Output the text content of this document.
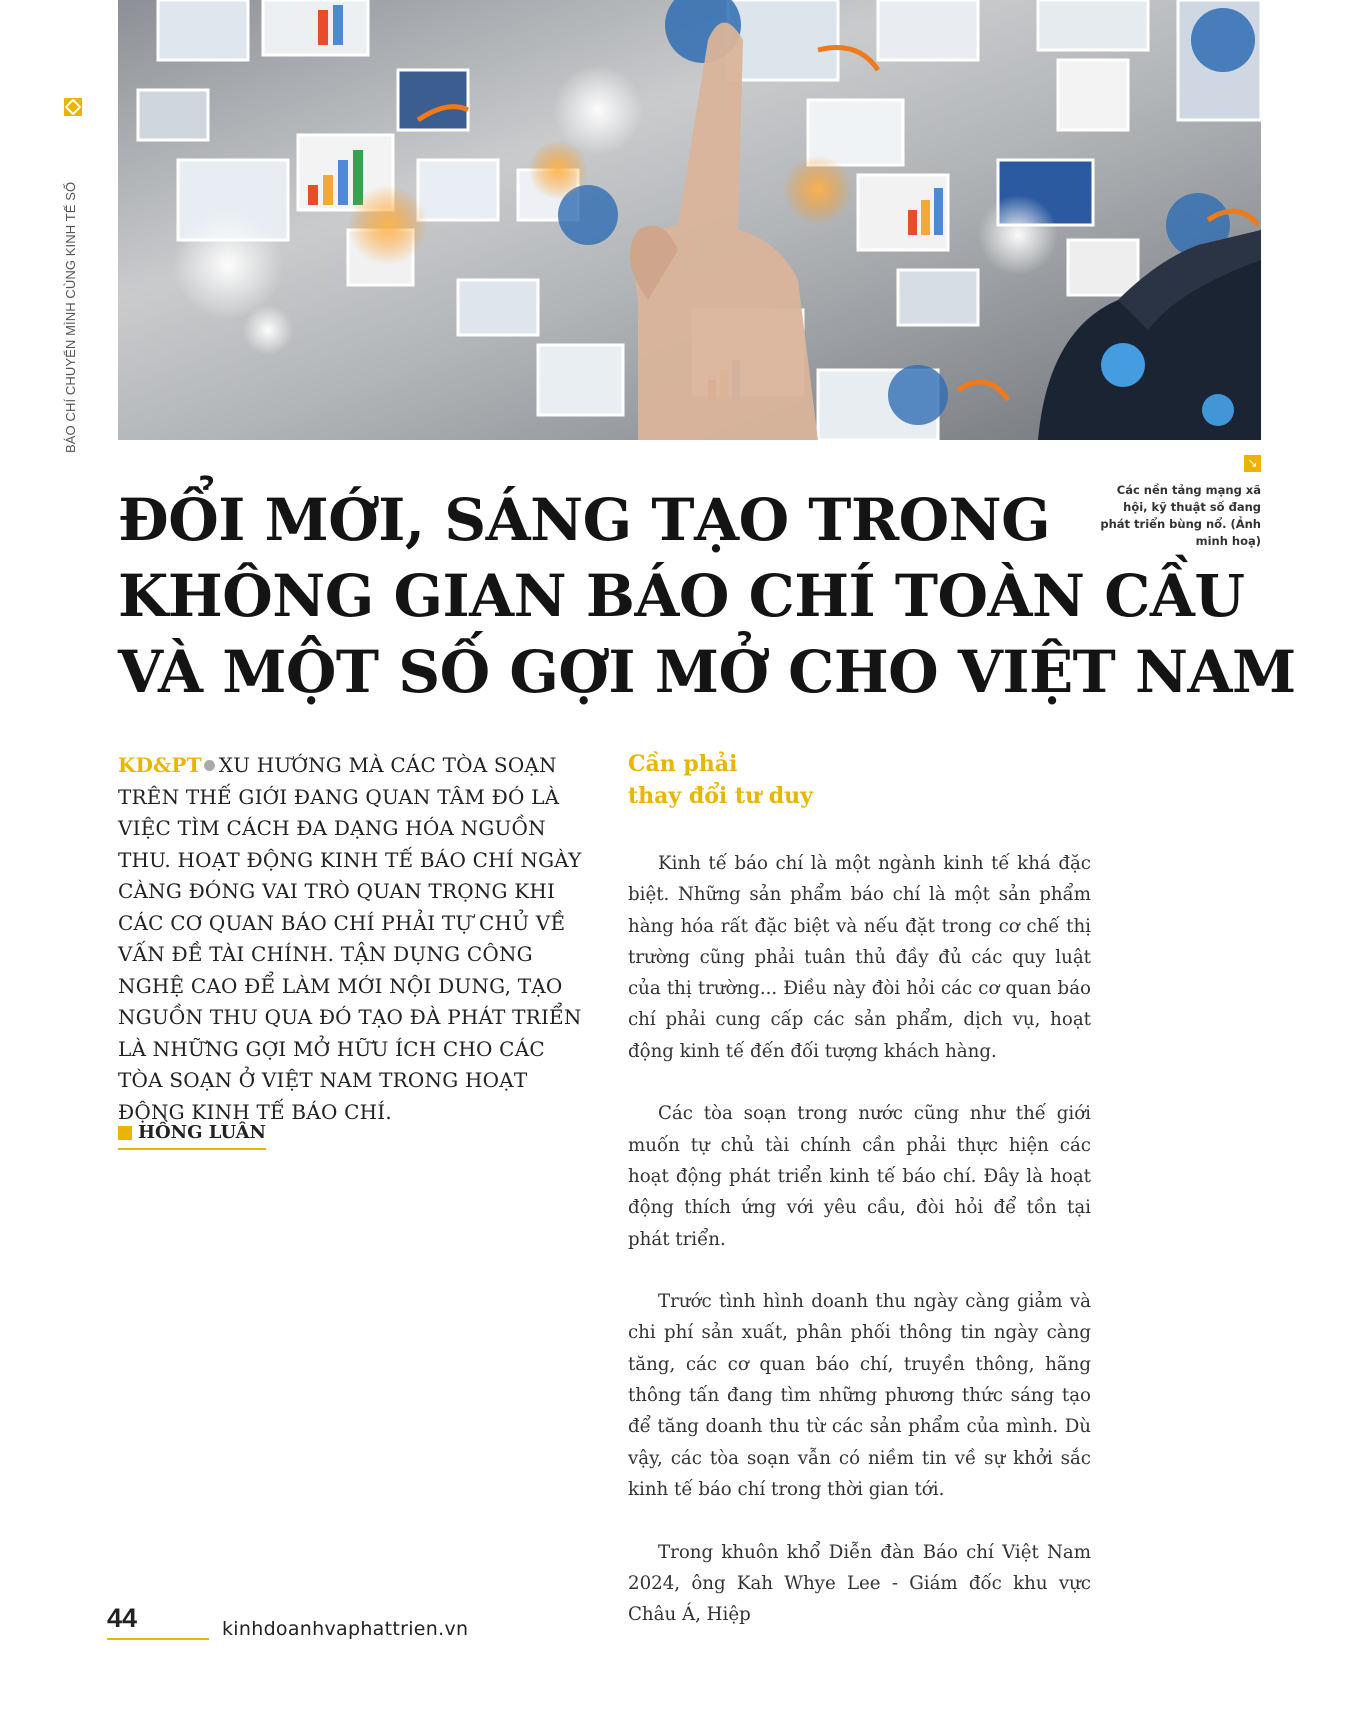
BÁO CHÍ CHUYỂN MÌNH CÙNG KINH TẾ SỐ
↘
Các nền tảng mạng xã hội, kỹ thuật số đang phát triển bùng nổ. (Ảnh minh hoạ)
ĐỔI MỚI, SÁNG TẠO TRONG
KHÔNG GIAN BÁO CHÍ TOÀN CẦU
VÀ MỘT SỐ GỢI MỞ CHO VIỆT NAM
KD&PT XU HƯỚNG MÀ CÁC TÒA SOẠN TRÊN THẾ GIỚI ĐANG QUAN TÂM ĐÓ LÀ VIỆC TÌM CÁCH ĐA DẠNG HÓA NGUỒN THU. HOẠT ĐỘNG KINH TẾ BÁO CHÍ NGÀY CÀNG ĐÓNG VAI TRÒ QUAN TRỌNG KHI CÁC CƠ QUAN BÁO CHÍ PHẢI TỰ CHỦ VỀ VẤN ĐỀ TÀI CHÍNH. TẬN DỤNG CÔNG NGHỆ CAO ĐỂ LÀM MỚI NỘI DUNG, TẠO NGUỒN THU QUA ĐÓ TẠO ĐÀ PHÁT TRIỂN LÀ NHỮNG GỢI MỞ HỮU ÍCH CHO CÁC TÒA SOẠN Ở VIỆT NAM TRONG HOẠT ĐỘNG KINH TẾ BÁO CHÍ.
HỒNG LUÂN
Cần phải
thay đổi tư duy

Kinh tế báo chí là một ngành kinh tế khá đặc biệt. Những sản phẩm báo chí là một sản phẩm hàng hóa rất đặc biệt và nếu đặt trong cơ chế thị trường cũng phải tuân thủ đầy đủ các quy luật của thị trường... Điều này đòi hỏi các cơ quan báo chí phải cung cấp các sản phẩm, dịch vụ, hoạt động kinh tế đến đối tượng khách hàng.

Các tòa soạn trong nước cũng như thế giới muốn tự chủ tài chính cần phải thực hiện các hoạt động phát triển kinh tế báo chí. Đây là hoạt động thích ứng với yêu cầu, đòi hỏi để tồn tại phát triển.

Trước tình hình doanh thu ngày càng giảm và chi phí sản xuất, phân phối thông tin ngày càng tăng, các cơ quan báo chí, truyền thông, hãng thông tấn đang tìm những phương thức sáng tạo để tăng doanh thu từ các sản phẩm của mình. Dù vậy, các tòa soạn vẫn có niềm tin về sự khởi sắc kinh tế báo chí trong thời gian tới.

Trong khuôn khổ Diễn đàn Báo chí Việt Nam 2024, ông Kah Whye Lee - Giám đốc khu vực Châu Á, Hiệp

44	kinhdoanhvaphattrien.vn
